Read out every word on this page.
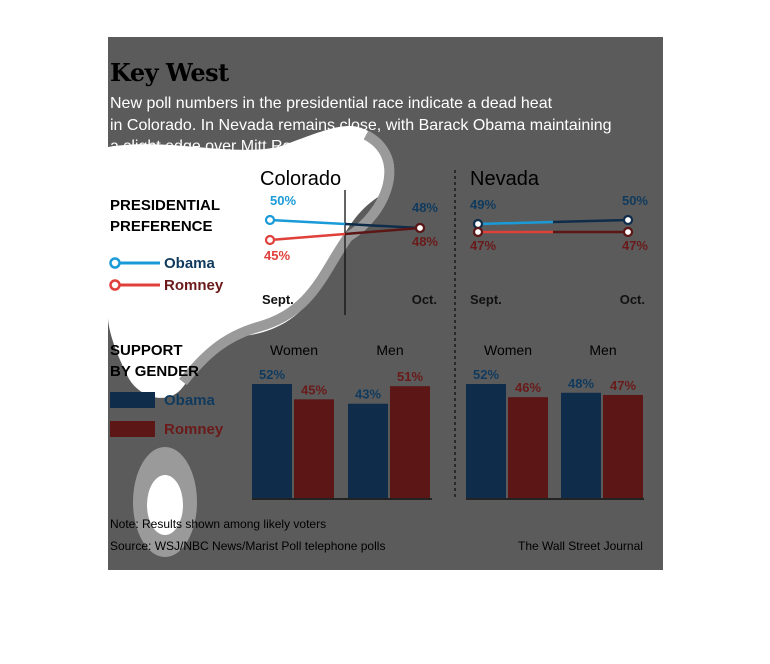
Key West
New poll numbers in the presidential race indicate a dead heat
in Colorado. In Nevada remains close, with Barack Obama maintaining
a slight edge over Mitt Romney.
PRESIDENTIAL
PREFERENCE
SUPPORT
BY GENDER
Colorado	Nevada
Obama
Romney
Obama
Romney
Note: Results shown among likely voters
Source: WSJ/NBC News/Marist Poll telephone polls	The Wall Street Journal
50%
45%
48%
48%
Sept.	Oct.
49%
47%
50%
47%
Sept.	Oct.
Women
52%
45%
Men
43%
51%
Women
52%
46%
Men
48% 47%
